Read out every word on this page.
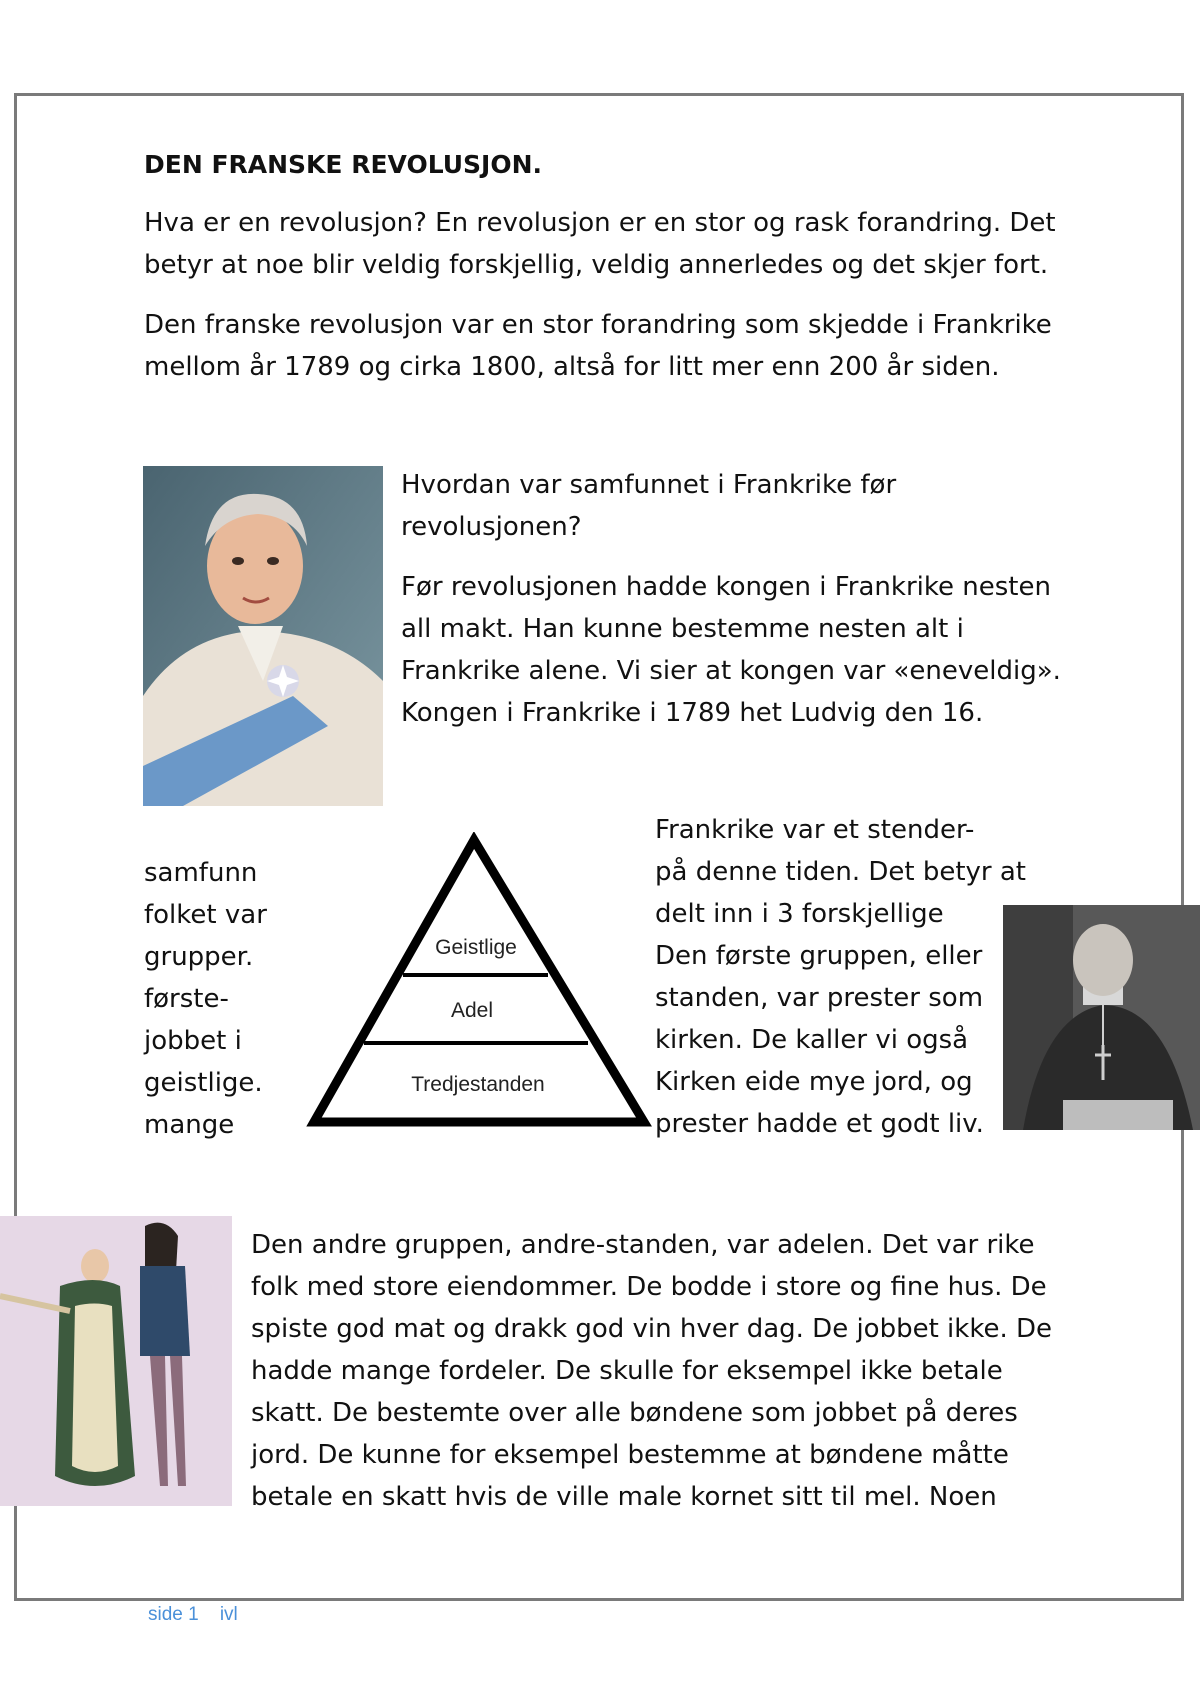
DEN FRANSKE REVOLUSJON.
Hva er en revolusjon? En revolusjon er en stor og rask forandring. Det
betyr at noe blir veldig forskjellig, veldig annerledes og det skjer fort.
Den franske revolusjon var en stor forandring som skjedde i Frankrike
mellom år 1789 og cirka 1800, altså for litt mer enn 200 år siden.
Hvordan var samfunnet i Frankrike før
revolusjonen?
Før revolusjonen hadde kongen i Frankrike nesten
all makt. Han kunne bestemme nesten alt i
Frankrike alene. Vi sier at kongen var «eneveldig».
Kongen i Frankrike i 1789 het Ludvig den 16.
samfunn
folket var
grupper.
første-
jobbet i
geistlige.
mange
Geistlige
Adel
Tredjestanden
Frankrike var et stender-
på denne tiden. Det betyr at
delt inn i 3 forskjellige
Den første gruppen, eller
standen, var prester som
kirken. De kaller vi også
Kirken eide mye jord, og
prester hadde et godt liv.
Den andre gruppen, andre-standen, var adelen. Det var rike
folk med store eiendommer. De bodde i store og fine hus. De
spiste god mat og drakk god vin hver dag. De jobbet ikke. De
hadde mange fordeler. De skulle for eksempel ikke betale
skatt. De bestemte over alle bøndene som jobbet på deres
jord. De kunne for eksempel bestemme at bøndene måtte
betale en skatt hvis de ville male kornet sitt til mel. Noen
side 1    ivl
